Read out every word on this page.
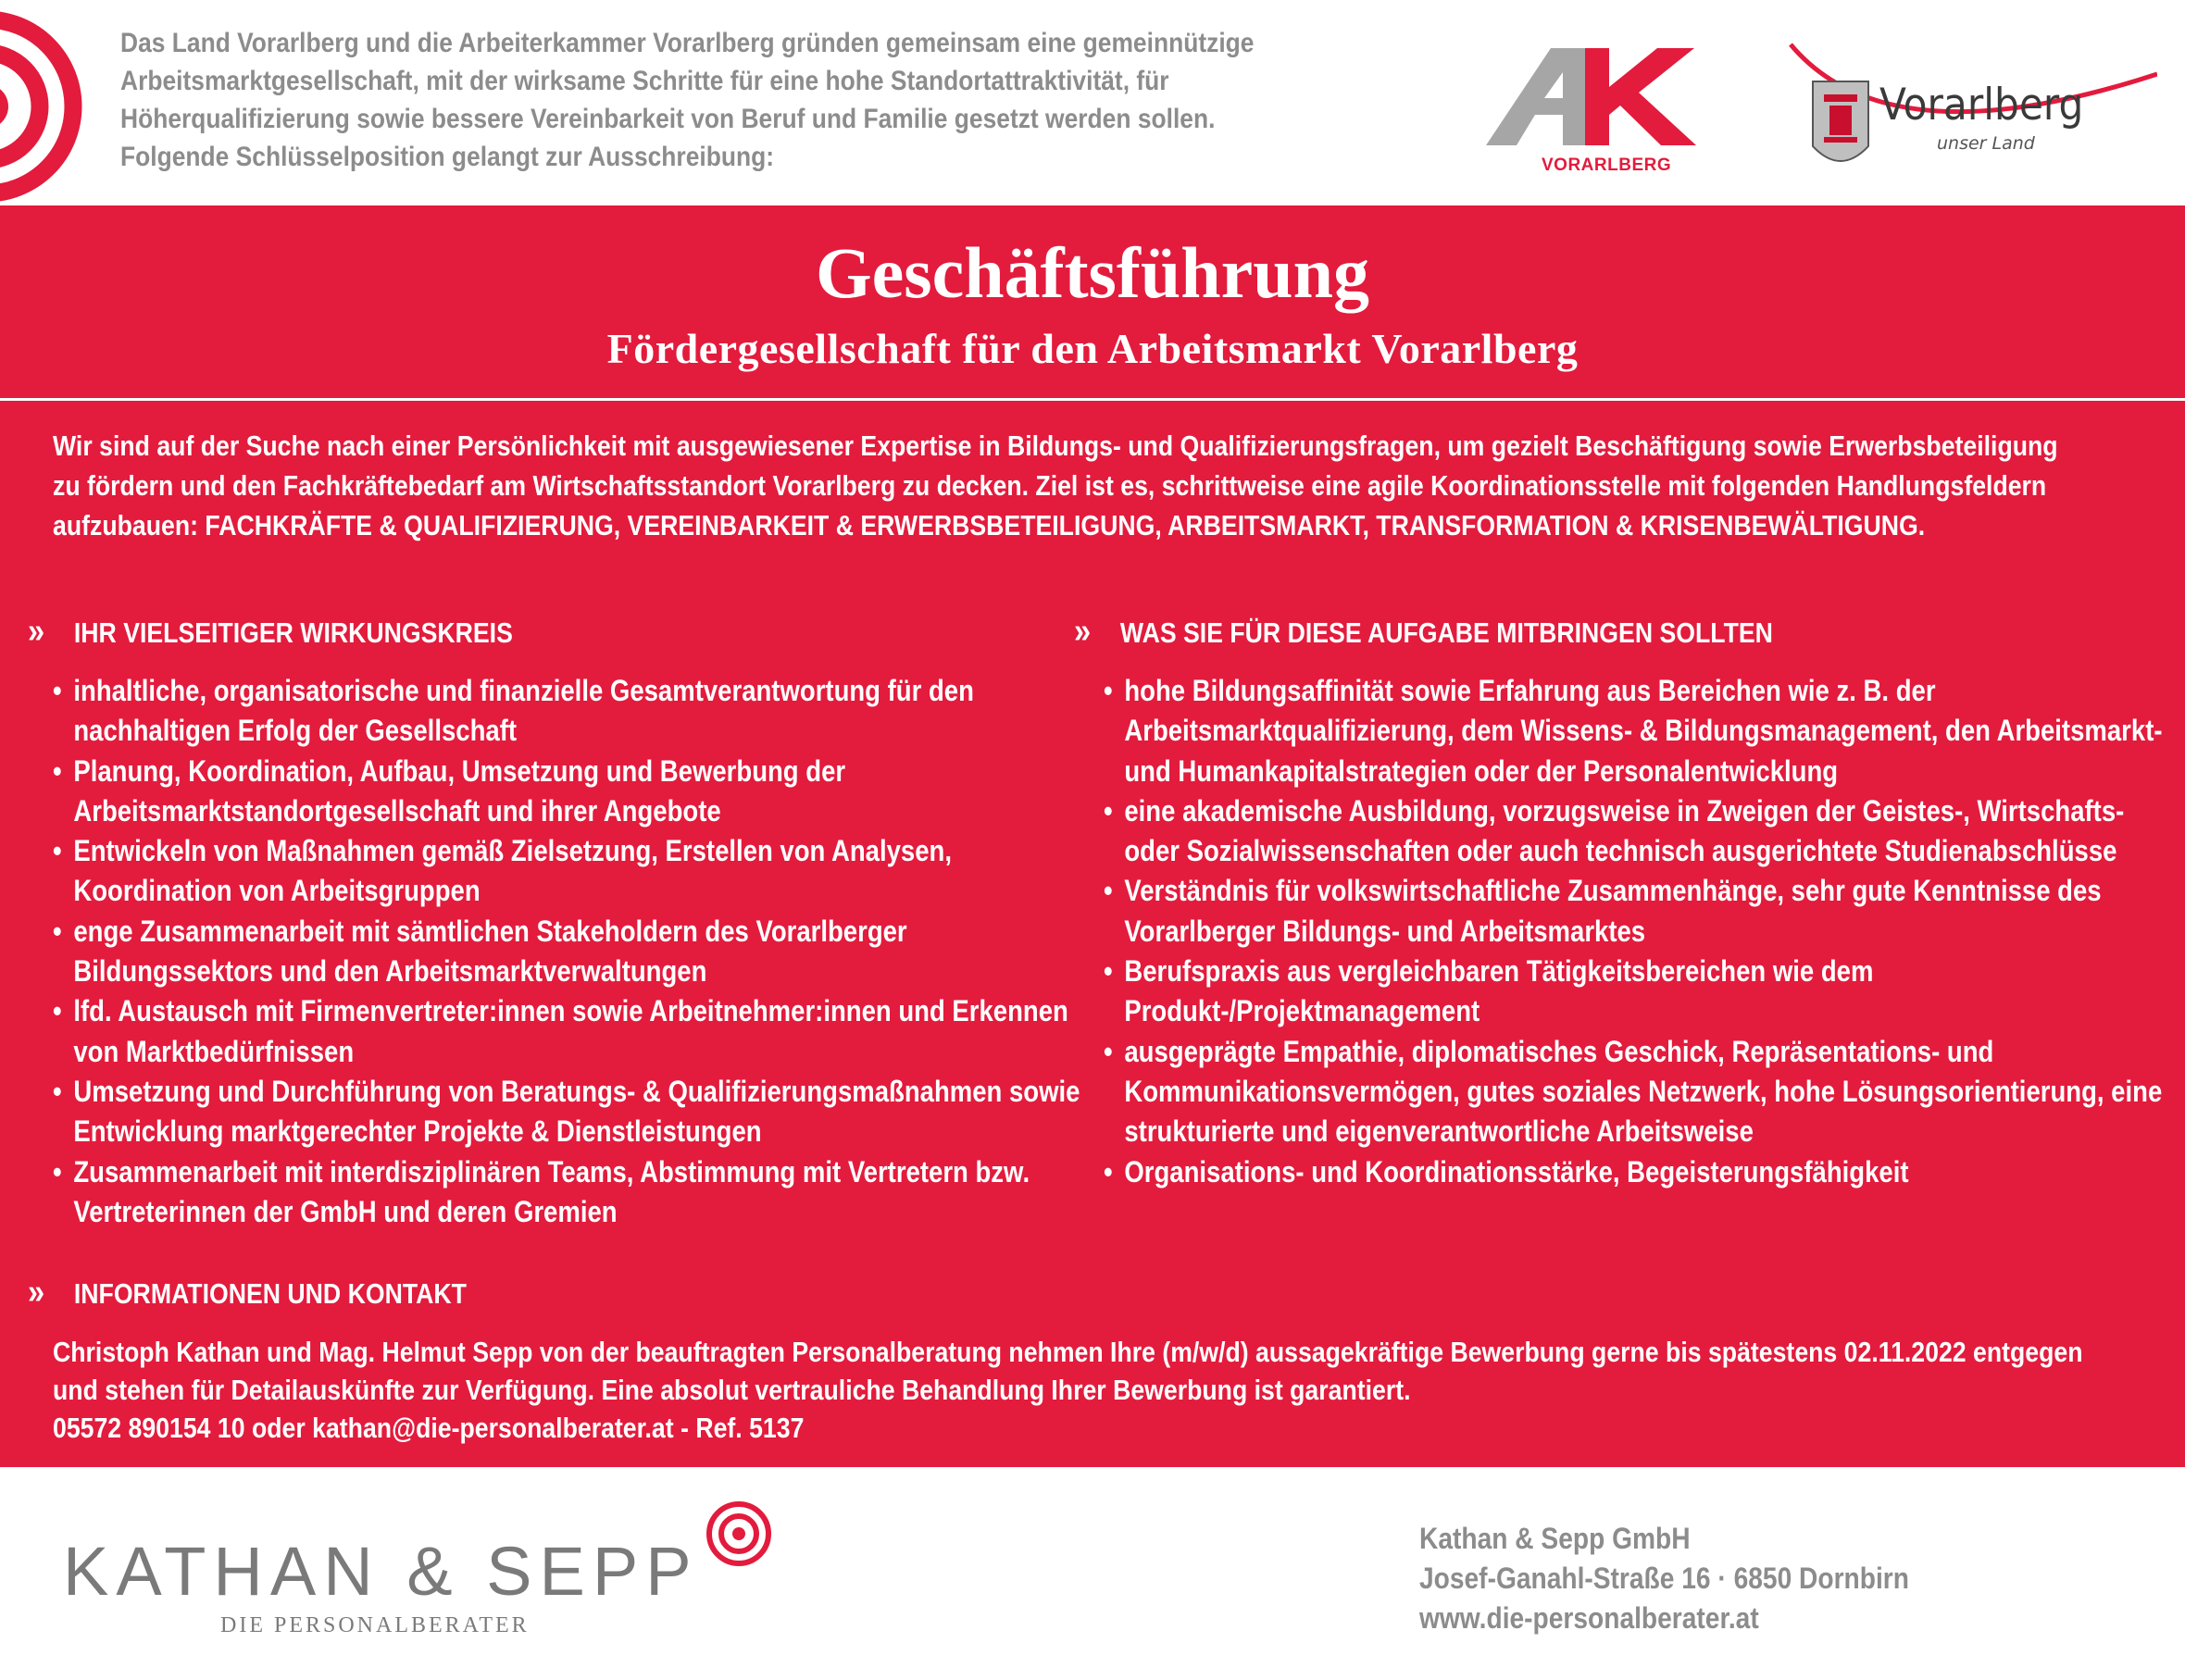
Das Land Vorarlberg und die Arbeiterkammer Vorarlberg gründen gemeinsam eine gemeinnützige Arbeitsmarktgesellschaft, mit der wirksame Schritte für eine hohe Standortattraktivität, für Höherqualifizierung sowie bessere Vereinbarkeit von Beruf und Familie gesetzt werden sollen. Folgende Schlüsselposition gelangt zur Ausschreibung:	VORARLBERG
Vorarlberg
unser Land
Geschäftsführung
Fördergesellschaft für den Arbeitsmarkt Vorarlberg

Wir sind auf der Suche nach einer Persönlichkeit mit ausgewiesener Expertise in Bildungs- und Qualifizierungsfragen, um gezielt Beschäftigung sowie Erwerbsbeteiligung zu fördern und den Fachkräftebedarf am Wirtschaftsstandort Vorarlberg zu decken. Ziel ist es, schrittweise eine agile Koordinationsstelle mit folgenden Handlungsfeldern aufzubauen: FACHKRÄFTE & QUALIFIZIERUNG, VEREINBARKEIT & ERWERBSBETEILIGUNG, ARBEITSMARKT, TRANSFORMATION & KRISENBEWÄLTIGUNG.

» IHR VIELSEITIGER WIRKUNGSKREIS	» WAS SIE FÜR DIESE AUFGABE MITBRINGEN SOLLTEN
• inhaltliche, organisatorische und finanzielle Gesamtverantwortung für den nachhaltigen Erfolg der Gesellschaft
• Planung, Koordination, Aufbau, Umsetzung und Bewerbung der Arbeitsmarktstandortgesellschaft und ihrer Angebote
• Entwickeln von Maßnahmen gemäß Zielsetzung, Erstellen von Analysen, Koordination von Arbeitsgruppen
• enge Zusammenarbeit mit sämtlichen Stakeholdern des Vorarlberger Bildungssektors und den Arbeitsmarktverwaltungen
• lfd. Austausch mit Firmenvertreter:innen sowie Arbeitnehmer:innen und Erkennen von Marktbedürfnissen
• Umsetzung und Durchführung von Beratungs- & Qualifizierungsmaßnahmen sowie Entwicklung marktgerechter Projekte & Dienstleistungen
• Zusammenarbeit mit interdisziplinären Teams, Abstimmung mit Vertretern bzw. Vertreterinnen der GmbH und deren Gremien
• hohe Bildungsaffinität sowie Erfahrung aus Bereichen wie z. B. der Arbeitsmarktqualifizierung, dem Wissens- & Bildungsmanagement, den Arbeitsmarkt- und Humankapitalstrategien oder der Personalentwicklung
• eine akademische Ausbildung, vorzugsweise in Zweigen der Geistes-, Wirtschafts- oder Sozialwissenschaften oder auch technisch ausgerichtete Studienabschlüsse
• Verständnis für volkswirtschaftliche Zusammenhänge, sehr gute Kenntnisse des Vorarlberger Bildungs- und Arbeitsmarktes
• Berufspraxis aus vergleichbaren Tätigkeitsbereichen wie dem Produkt-/Projektmanagement
• ausgeprägte Empathie, diplomatisches Geschick, Repräsentations- und Kommunikationsvermögen, gutes soziales Netzwerk, hohe Lösungsorientierung, eine strukturierte und eigenverantwortliche Arbeitsweise
• Organisations- und Koordinationsstärke, Begeisterungsfähigkeit
» INFORMATIONEN UND KONTAKT

Christoph Kathan und Mag. Helmut Sepp von der beauftragten Personalberatung nehmen Ihre (m/w/d) aussagekräftige Bewerbung gerne bis spätestens 02.11.2022 entgegen und stehen für Detailauskünfte zur Verfügung. Eine absolut vertrauliche Behandlung Ihrer Bewerbung ist garantiert.
05572 890154 10 oder kathan@die-personalberater.at - Ref. 5137

KATHAN & SEPP
DIE PERSONALBERATER
Kathan & Sepp GmbH
Josef-Ganahl-Straße 16 · 6850 Dornbirn
www.die-personalberater.at
